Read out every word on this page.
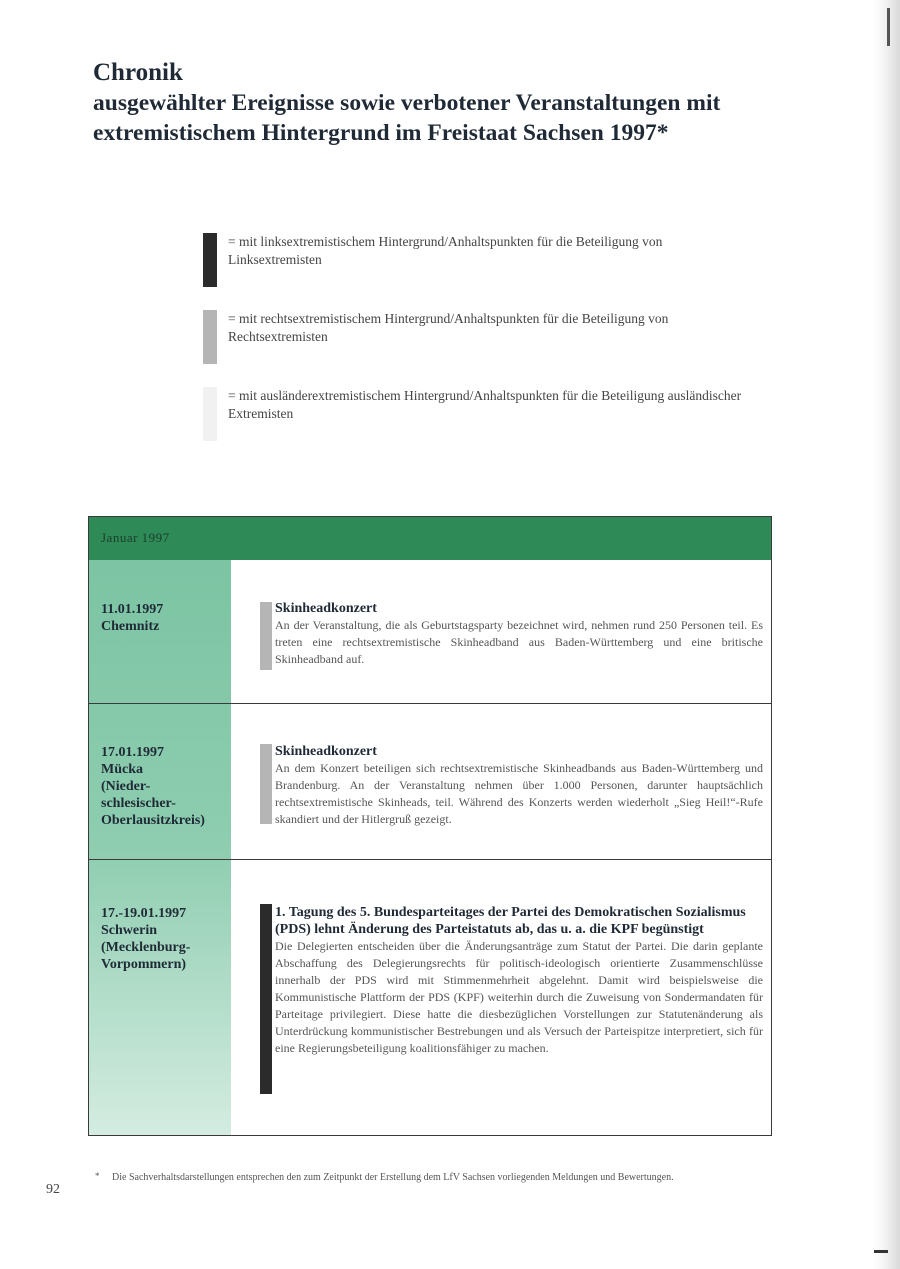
Chronik
ausgewählter Ereignisse sowie verbotener Veranstaltungen mit
extremistischem Hintergrund im Freistaat Sachsen 1997*
= mit linksextremistischem Hintergrund/Anhaltspunkten für die Beteiligung von Linksextremisten
= mit rechtsextremistischem Hintergrund/Anhaltspunkten für die Beteiligung von Rechtsextremisten
= mit ausländerextremistischem Hintergrund/Anhaltspunkten für die Beteiligung ausländischer Extremisten
Januar 1997
11.01.1997
Chemnitz

Skinheadkonzert

An der Veranstaltung, die als Geburtstagsparty bezeichnet wird, nehmen rund 250 Personen teil. Es treten eine rechtsextremistische Skinheadband aus Baden-Württemberg und eine britische Skinheadband auf.

17.01.1997
Mücka
(Nieder-
schlesischer-
Oberlausitzkreis)

Skinheadkonzert

An dem Konzert beteiligen sich rechtsextremistische Skinheadbands aus Baden-Württemberg und Brandenburg. An der Veranstaltung nehmen über 1.000 Personen, darunter hauptsächlich rechtsextremistische Skinheads, teil. Während des Konzerts werden wiederholt „Sieg Heil!“-Rufe skandiert und der Hitlergruß gezeigt.

17.-19.01.1997
Schwerin
(Mecklenburg-
Vorpommern)

1. Tagung des 5. Bundesparteitages der Partei des Demokratischen Sozialismus (PDS) lehnt Änderung des Parteistatuts ab, das u. a. die KPF begünstigt

Die Delegierten entscheiden über die Änderungsanträge zum Statut der Partei. Die darin geplante Abschaffung des Delegierungsrechts für politisch-ideologisch orientierte Zusammenschlüsse innerhalb der PDS wird mit Stimmenmehrheit abgelehnt. Damit wird beispielsweise die Kommunistische Plattform der PDS (KPF) weiterhin durch die Zuweisung von Sondermandaten für Parteitage privilegiert. Diese hatte die diesbezüglichen Vorstellungen zur Statutenänderung als Unterdrückung kommunistischer Bestrebungen und als Versuch der Parteispitze interpretiert, sich für eine Regierungsbeteiligung koalitionsfähiger zu machen.

* Die Sachverhaltsdarstellungen entsprechen den zum Zeitpunkt der Erstellung dem LfV Sachsen vorliegenden Meldungen und Bewertungen.
92
